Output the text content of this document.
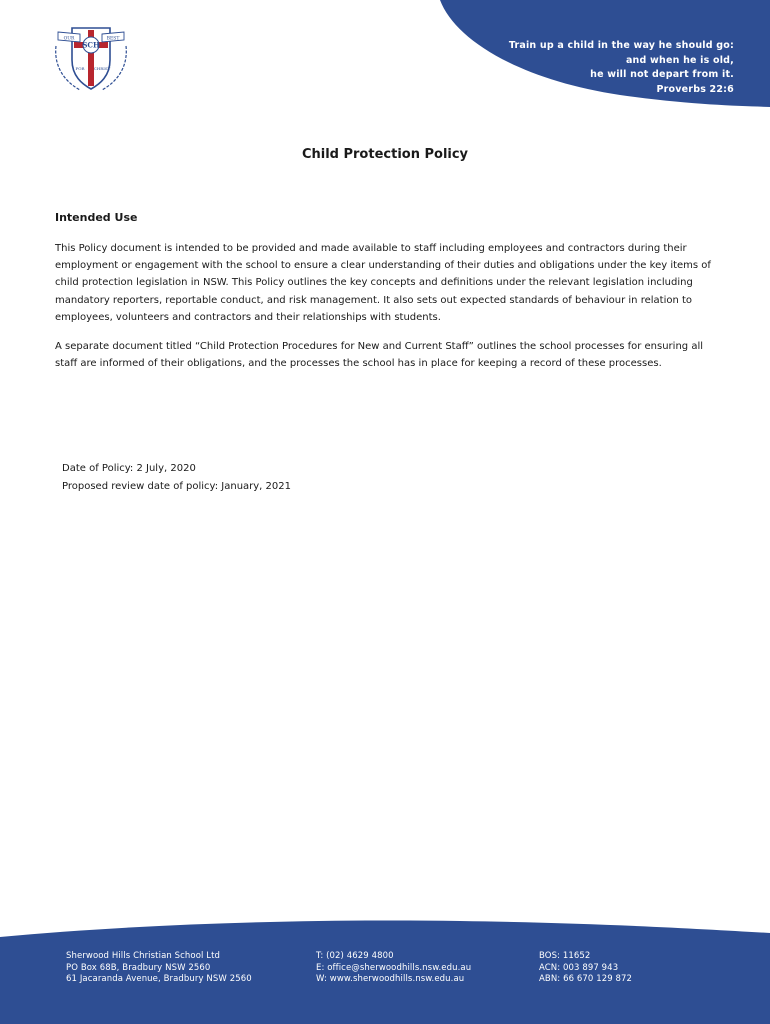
Train up a child in the way he should go:
and when he is old,
he will not depart from it.
Proverbs 22:6
OUR	BEST
SCH
FOR CHRIST
Child Protection Policy
Intended Use
This Policy document is intended to be provided and made available to staff including employees and contractors during their employment or engagement with the school to ensure a clear understanding of their duties and obligations under the key items of child protection legislation in NSW. This Policy outlines the key concepts and definitions under the relevant legislation including mandatory reporters, reportable conduct, and risk management. It also sets out expected standards of behaviour in relation to employees, volunteers and contractors and their relationships with students.
A separate document titled “Child Protection Procedures for New and Current Staff” outlines the school processes for ensuring all staff are informed of their obligations, and the processes the school has in place for keeping a record of these processes.
Date of Policy: 2 July, 2020
Proposed review date of policy: January, 2021
Sherwood Hills Christian School Ltd
PO Box 68B, Bradbury NSW 2560
61 Jacaranda Avenue, Bradbury NSW 2560
T: (02) 4629 4800
E: office@sherwoodhills.nsw.edu.au
W: www.sherwoodhills.nsw.edu.au
BOS: 11652
ACN: 003 897 943
ABN: 66 670 129 872
